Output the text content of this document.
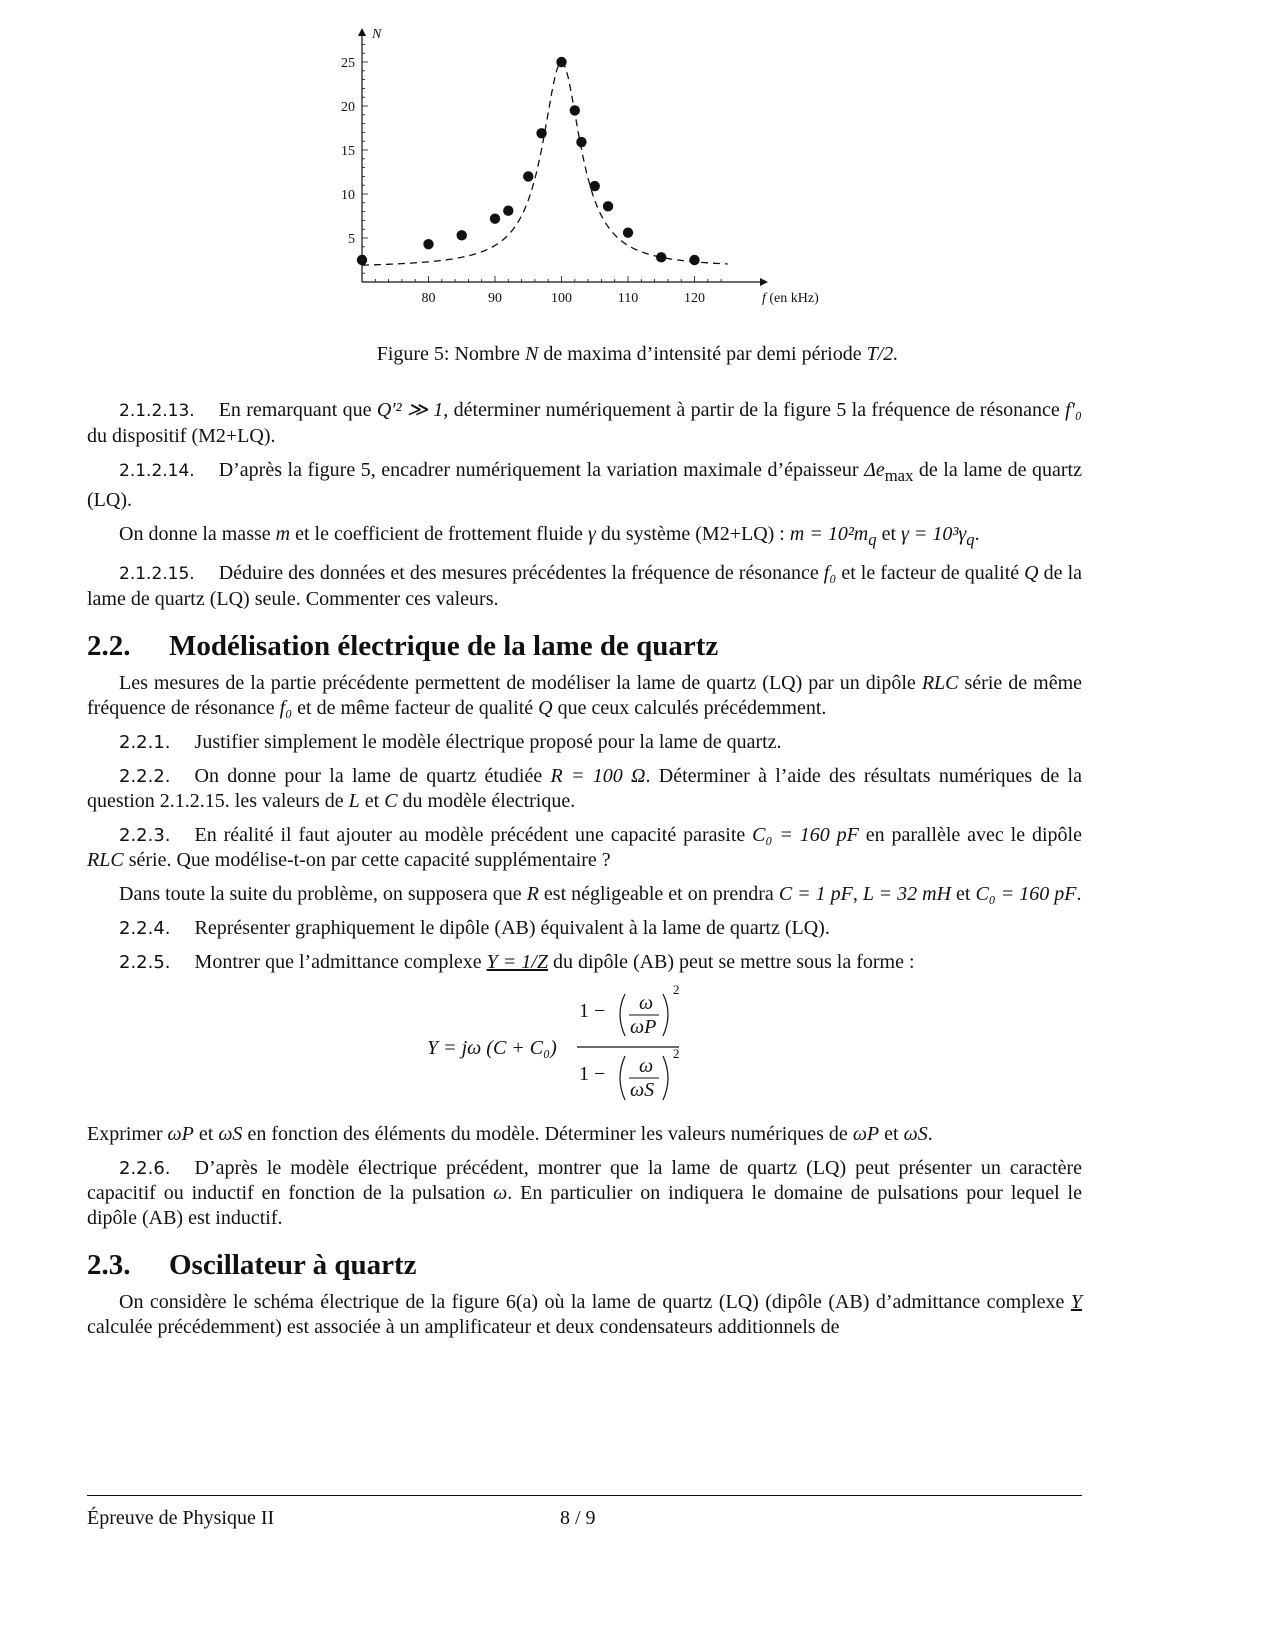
80	90	100	110	120
5
10
15
20
25
N
f (en kHz)
Figure 5: Nombre N de maxima d’intensité par demi période T/2.

2.1.2.13. En remarquant que Q′² ≫ 1, déterminer numériquement à partir de la figure 5 la fréquence de résonance f′₀ du dispositif (M2+LQ).

2.1.2.14. D’après la figure 5, encadrer numériquement la variation maximale d’épaisseur $\Delta e_{max}$ de la lame de quartz (LQ).

On donne la masse m et le coefficient de frottement fluide γ du système (M2+LQ) : $m = 10^2m_q$ et $\gamma = 10^3\gamma_q$.

2.1.2.15. Déduire des données et des mesures précédentes la fréquence de résonance f₀ et le facteur de qualité Q de la lame de quartz (LQ) seule. Commenter ces valeurs.

2.2.	Modélisation électrique de la lame de quartz

Les mesures de la partie précédente permettent de modéliser la lame de quartz (LQ) par un dipôle RLC série de même fréquence de résonance f₀ et de même facteur de qualité Q que ceux calculés précédemment.

2.2.1. Justifier simplement le modèle électrique proposé pour la lame de quartz.

2.2.2. On donne pour la lame de quartz étudiée R = 100 Ω. Déterminer à l’aide des résultats numériques de la question 2.1.2.15. les valeurs de L et C du modèle électrique.

2.2.3. En réalité il faut ajouter au modèle précédent une capacité parasite C₀ = 160 pF en parallèle avec le dipôle RLC série. Que modélise-t-on par cette capacité supplémentaire ?

Dans toute la suite du problème, on supposera que R est négligeable et on prendra C = 1 pF, L = 32 mH et C₀ = 160 pF.

2.2.4. Représenter graphiquement le dipôle (AB) équivalent à la lame de quartz (LQ).

2.2.5. Montrer que l’admittance complexe Y = 1/Z du dipôle (AB) peut se mettre sous la forme :

Y = jω (C + C₀)
1 − ω
ωP
2
1 − ω
ωS
2

Exprimer ωP et ωS en fonction des éléments du modèle. Déterminer les valeurs numériques de ωP et ωS.

2.2.6. D’après le modèle électrique précédent, montrer que la lame de quartz (LQ) peut présenter un caractère capacitif ou inductif en fonction de la pulsation ω. En particulier on indiquera le domaine de pulsations pour lequel le dipôle (AB) est inductif.

2.3.	Oscillateur à quartz

On considère le schéma électrique de la figure 6(a) où la lame de quartz (LQ) (dipôle (AB) d’admittance complexe Y calculée précédemment) est associée à un amplificateur et deux condensateurs additionnels de

Épreuve de Physique II	8 / 9
